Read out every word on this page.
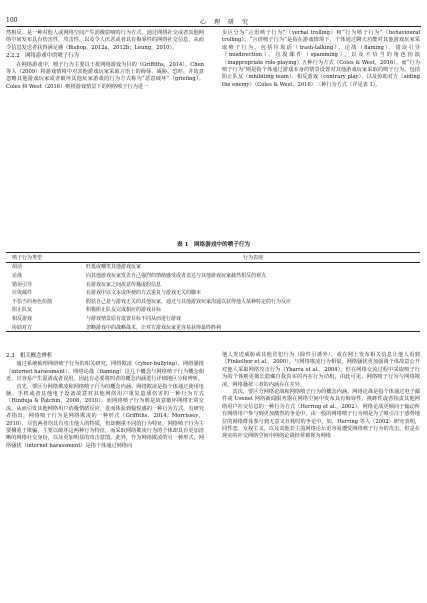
100	心　理　研　究

然相反。是一种对他人或网络空间产生消极影响的行为方式。通过网络社交或者其他网络空间发布具有伤害性、攻击性，以及令人厌恶或者具有侮辱性的网络社交信息，从而令信息发送者获得满足感（Bishop，2012a，2012b；Leung，2010）。

2.2.2　网络游戏中的喷子行为

在网络游戏中，喷子行为主要以干扰网络游戏为目的（Griffiths，2014）。Chen 等人（2009）将游戏情境中对其他游戏玩家采取言语上的侮辱、威胁、恐吓、并故意忽略其他游戏玩家或者破坏其他玩家游戏的行为方式称为“恶意破坏”（griefing）。Coles 和 West（2016）则将游戏情景下的网络喷子行为进一

步区分为“言语喷子行为”（verbal trolling）和“行为喷子行为”（behavioural trolling）。“言语喷子行为”是指在游戏情境下，个体通过聊天功能对其他游戏玩家采取喷子行为，包括垃圾话（trash-talking）、论战（flaming）、错误引导（misdirection）、垃圾邮件（spamming），以及不恰当的角色扮演（inappropriate role-playing）五种行为方式（Coles & West，2016）。而“行为喷子行为”则是指个体通过游戏本身的情景设置对其他游戏玩家采取的喷子行为，包括阻止队友（inhibiting team）、相反游戏（contrary play），以及协助对方（aiding the enemy）（Coles & West，2016）三种行为方式（详见表 1）。

表 1　网络游戏中的喷子行为
喷子行为类型	行为表现
胡话	旺抵或嘲笑其他游戏玩家
论战	向其他游戏玩家发表自己强烈的情绪感受或者表达与其他游戏玩家截然相反的观点
错误引导	在游戏玩家之间故意传播虚假信息
垃圾邮件	在游戏中以文本或所使的方式重复与游戏无关的脚本
不恰当的角色扮演	假装自己是与游戏无关的其他玩家，通过与其他游戏玩家沟通以获得他人某种特定的行为反应
阻止队友	积极阻止队友完成相应的游戏目标
相反游戏	与游戏情景原有设置目标不同从而进行游戏
协助对方	忽略游戏中的战略战术，让对方游戏玩家更容易获得最终胜利

2.3　相关概念辨析

通过系统梳理网络喷子行为的相关研究，网络欺凌（cyber-bullying）、网络骚扰（internet harassment）、网络论战（flaming）这几个概念与网络喷子行为概念相近，且容易产生混淆或者误用，因此有必要将四者的概念内涵进行详细地区分和辨析。

首先，要区分网络欺凌和网络喷子行为的概念内涵。网络欺凌是指个体通过使用电脑、手机或者其他电子设备故意对其他网络用户重复造成伤害的一种行为方式（Hinduja & Patchin，2008，2010）。而网络喷子行为则是故意破坏网络正常交流，从而引发其他网络用户消极情绪反应，进而体验到愉悦感的一种行为方式。有研究者指出，网络喷子行为是网络欺凌的一种形式（Griffiths，2014；Morrissey，2010），尽管两者均具有攻击他人的特质，但却侧重不同的行为特征。网络喷子行为主要侧重于欺骗，主要以破坏这两种行为特征，而采取网络欺凌行为的个体却具有更加清晰的网络社交身份，以及更加明显的攻击意图。此外，作为网络欺凌的另一种形式，网络骚扰（internet harassment）是指个体通过网络向

他人发送威胁或其他冒犯行为（除性引诱外），或在网上发布相关信息让他人看到（Finkelhor et al.，2000）。与网络欺凌行为相似，网络骚扰更加强调个体故意公开对他人采取网络攻击行为（Ybarra et al.，2004）。但在网络交流过程中采取喷子行为的个体则更擅长隐藏自我真实的内在行为动机，由此可见，网络喷子行为与网络欺凌，网络骚扰三者的内涵存在差异。

其次，要区分网络论战和网络喷子行为的概念内涵。网络论战是指个体通过电子邮件或 Usenet 网络新闻服务器在网络空间中发布具有侮辱性、挑衅性或者指责其他网络用户社交信息的一种行为方式（Herring et al.，2002）。网络论战更倾向于煽动所有网络用户参与到更加激烈的争论中。由一般的网络喷子行为则是为了吸引注于惑势地位的网络群体参与到无意义且耗时的争论中。如，Herring 等人（2002）研究表明，同性恋、女权主义，以及其他非主流网络论坛更容易遭受网络喷子行为的攻击。但是在现实的社交网络空间中网络论战经常被视为网络
